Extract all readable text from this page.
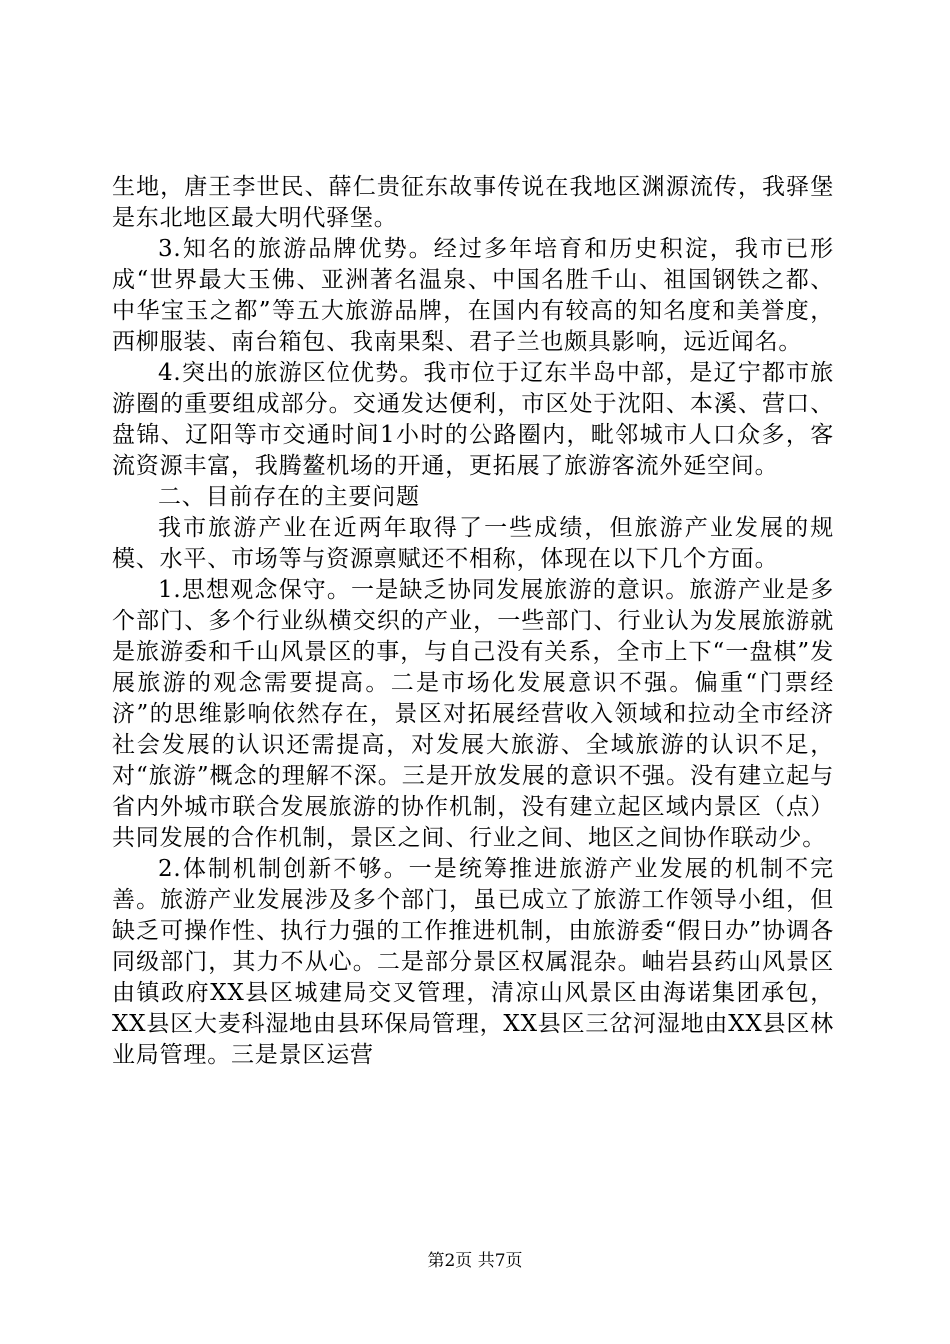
生地，唐王李世民、薛仁贵征东故事传说在我地区渊源流传，我驿堡是东北地区最大明代驿堡。

3.知名的旅游品牌优势。经过多年培育和历史积淀，我市已形成“世界最大玉佛、亚洲著名温泉、中国名胜千山、祖国钢铁之都、中华宝玉之都”等五大旅游品牌，在国内有较高的知名度和美誉度，西柳服装、南台箱包、我南果梨、君子兰也颇具影响，远近闻名。

4.突出的旅游区位优势。我市位于辽东半岛中部，是辽宁都市旅游圈的重要组成部分。交通发达便利，市区处于沈阳、本溪、营口、盘锦、辽阳等市交通时间1小时的公路圈内，毗邻城市人口众多，客流资源丰富，我腾鳌机场的开通，更拓展了旅游客流外延空间。

二、目前存在的主要问题

我市旅游产业在近两年取得了一些成绩，但旅游产业发展的规模、水平、市场等与资源禀赋还不相称，体现在以下几个方面。

1.思想观念保守。一是缺乏协同发展旅游的意识。旅游产业是多个部门、多个行业纵横交织的产业，一些部门、行业认为发展旅游就是旅游委和千山风景区的事，与自己没有关系，全市上下“一盘棋”发展旅游的观念需要提高。二是市场化发展意识不强。偏重“门票经济”的思维影响依然存在，景区对拓展经营收入领域和拉动全市经济社会发展的认识还需提高，对发展大旅游、全域旅游的认识不足，对“旅游”概念的理解不深。三是开放发展的意识不强。没有建立起与省内外城市联合发展旅游的协作机制，没有建立起区域内景区（点）共同发展的合作机制，景区之间、行业之间、地区之间协作联动少。

2.体制机制创新不够。一是统筹推进旅游产业发展的机制不完善。旅游产业发展涉及多个部门，虽已成立了旅游工作领导小组，但缺乏可操作性、执行力强的工作推进机制，由旅游委“假日办”协调各同级部门，其力不从心。二是部分景区权属混杂。岫岩县药山风景区由镇政府XX县区城建局交叉管理，清凉山风景区由海诺集团承包，XX县区大麦科湿地由县环保局管理，XX县区三岔河湿地由XX县区林业局管理。三是景区运营

第2页 共7页
